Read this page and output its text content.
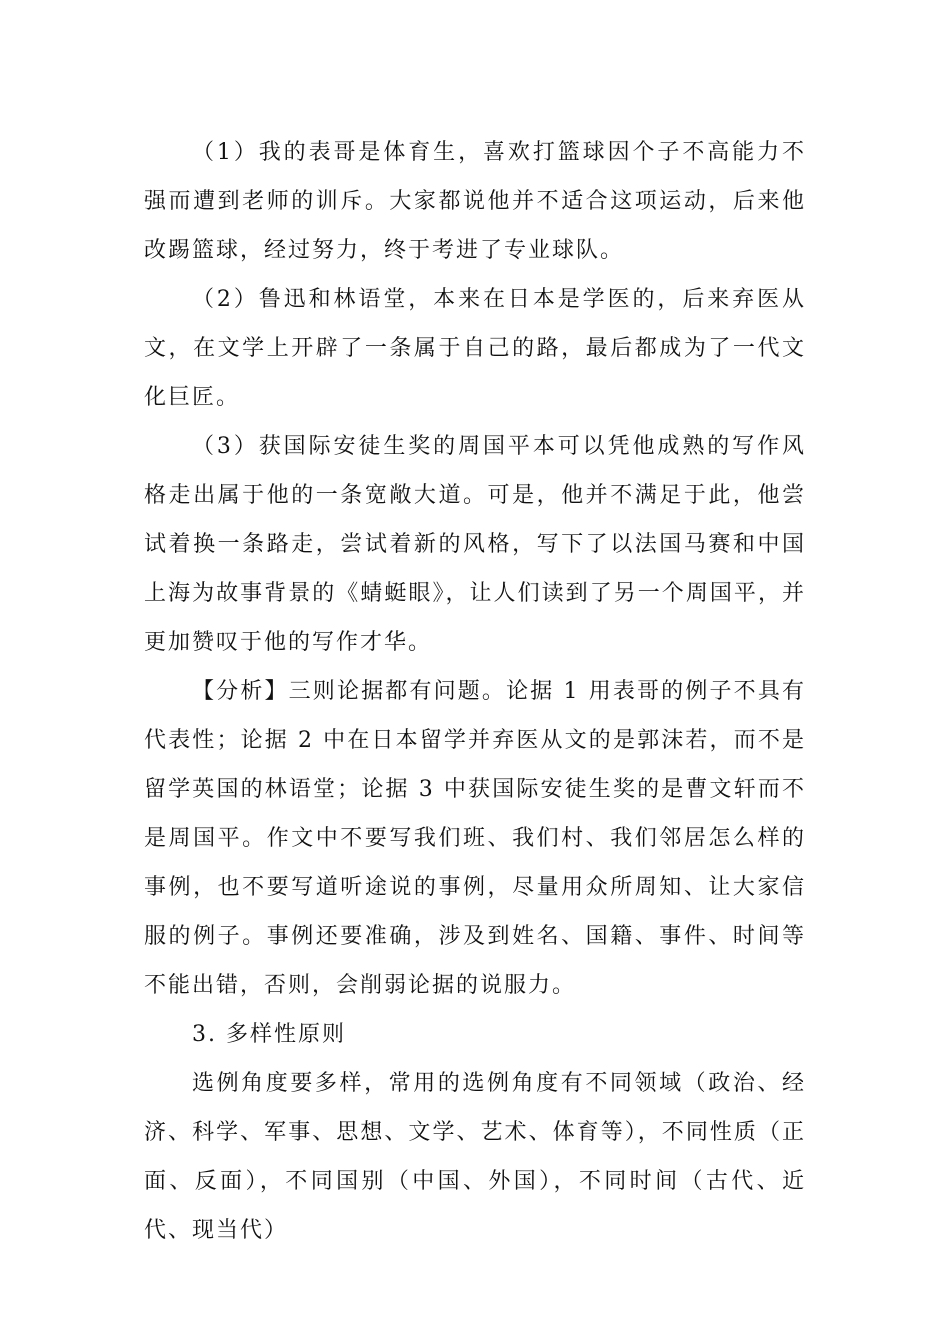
（1）我的表哥是体育生，喜欢打篮球因个子不高能力不强而遭到老师的训斥。大家都说他并不适合这项运动，后来他改踢篮球，经过努力，终于考进了专业球队。

（2）鲁迅和林语堂，本来在日本是学医的，后来弃医从文，在文学上开辟了一条属于自己的路，最后都成为了一代文化巨匠。

（3）获国际安徒生奖的周国平本可以凭他成熟的写作风格走出属于他的一条宽敞大道。可是，他并不满足于此，他尝试着换一条路走，尝试着新的风格，写下了以法国马赛和中国上海为故事背景的《蜻蜓眼》，让人们读到了另一个周国平，并更加赞叹于他的写作才华。

【分析】三则论据都有问题。论据 1 用表哥的例子不具有代表性；论据 2 中在日本留学并弃医从文的是郭沫若，而不是留学英国的林语堂；论据 3 中获国际安徒生奖的是曹文轩而不是周国平。作文中不要写我们班、我们村、我们邻居怎么样的事例，也不要写道听途说的事例，尽量用众所周知、让大家信服的例子。事例还要准确，涉及到姓名、国籍、事件、时间等不能出错，否则，会削弱论据的说服力。

3. 多样性原则

选例角度要多样，常用的选例角度有不同领域（政治、经济、科学、军事、思想、文学、艺术、体育等），不同性质（正面、反面），不同国别（中国、外国），不同时间（古代、近代、现当代）
